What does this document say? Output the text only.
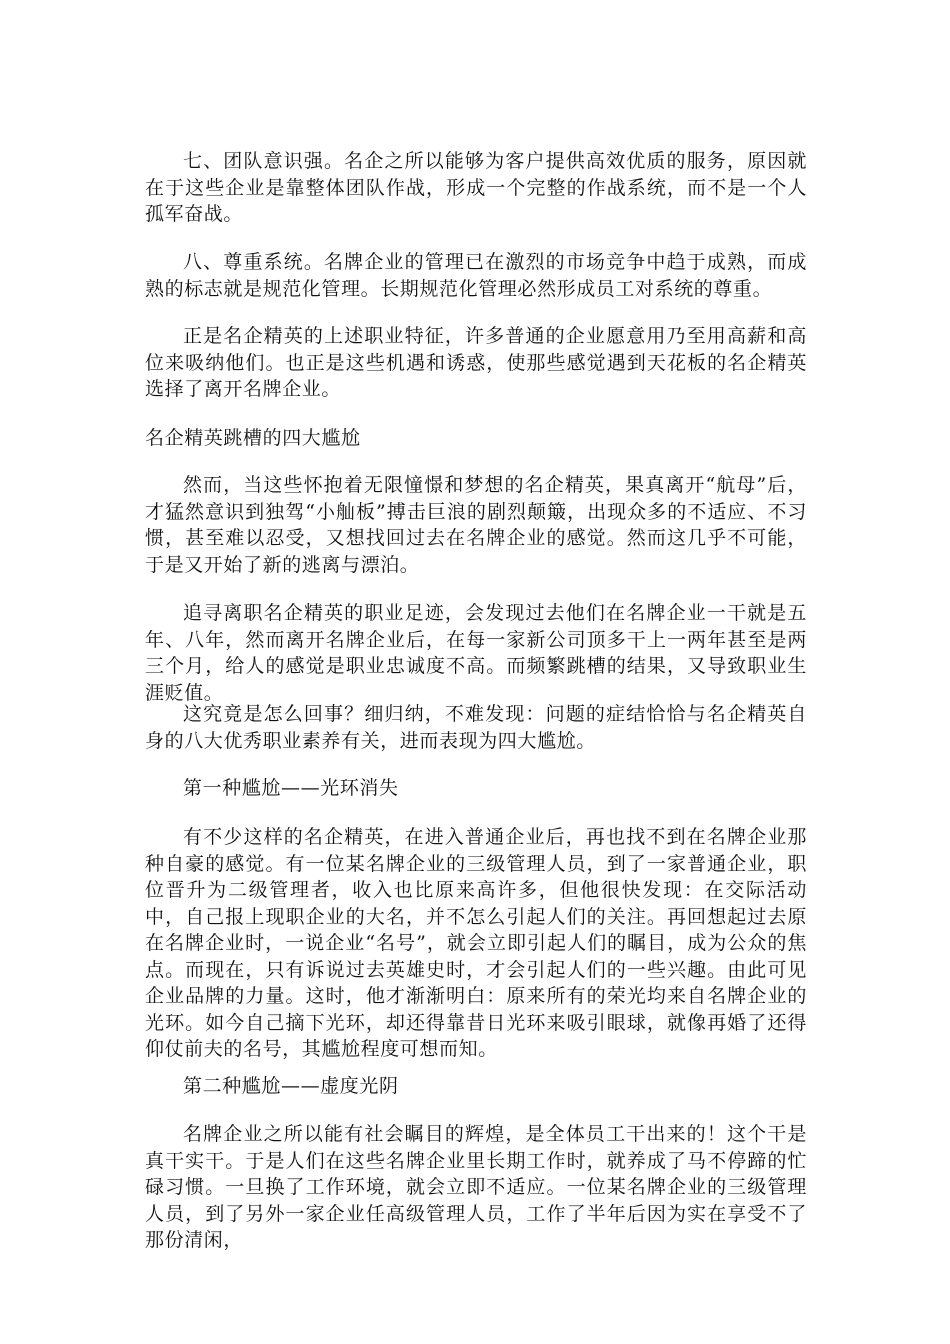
七、团队意识强。名企之所以能够为客户提供高效优质的服务，原因就在于这些企业是靠整体团队作战，形成一个完整的作战系统，而不是一个人孤军奋战。

八、尊重系统。名牌企业的管理已在激烈的市场竞争中趋于成熟，而成熟的标志就是规范化管理。长期规范化管理必然形成员工对系统的尊重。

正是名企精英的上述职业特征，许多普通的企业愿意用乃至用高薪和高位来吸纳他们。也正是这些机遇和诱惑，使那些感觉遇到天花板的名企精英选择了离开名牌企业。

名企精英跳槽的四大尴尬

然而，当这些怀抱着无限憧憬和梦想的名企精英，果真离开“航母”后，才猛然意识到独驾“小舢板”搏击巨浪的剧烈颠簸，出现众多的不适应、不习惯，甚至难以忍受，又想找回过去在名牌企业的感觉。然而这几乎不可能，于是又开始了新的逃离与漂泊。

追寻离职名企精英的职业足迹，会发现过去他们在名牌企业一干就是五年、八年，然而离开名牌企业后，在每一家新公司顶多干上一两年甚至是两三个月，给人的感觉是职业忠诚度不高。而频繁跳槽的结果，又导致职业生涯贬值。

这究竟是怎么回事？细归纳，不难发现：问题的症结恰恰与名企精英自身的八大优秀职业素养有关，进而表现为四大尴尬。

第一种尴尬——光环消失

有不少这样的名企精英，在进入普通企业后，再也找不到在名牌企业那种自豪的感觉。有一位某名牌企业的三级管理人员，到了一家普通企业，职位晋升为二级管理者，收入也比原来高许多，但他很快发现：在交际活动中，自己报上现职企业的大名，并不怎么引起人们的关注。再回想起过去原在名牌企业时，一说企业“名号”，就会立即引起人们的瞩目，成为公众的焦点。而现在，只有诉说过去英雄史时，才会引起人们的一些兴趣。由此可见企业品牌的力量。这时，他才渐渐明白：原来所有的荣光均来自名牌企业的光环。如今自己摘下光环，却还得靠昔日光环来吸引眼球，就像再婚了还得仰仗前夫的名号，其尴尬程度可想而知。

第二种尴尬——虚度光阴

名牌企业之所以能有社会瞩目的辉煌，是全体员工干出来的！这个干是真干实干。于是人们在这些名牌企业里长期工作时，就养成了马不停蹄的忙碌习惯。一旦换了工作环境，就会立即不适应。一位某名牌企业的三级管理人员，到了另外一家企业任高级管理人员，工作了半年后因为实在享受不了那份清闲，
